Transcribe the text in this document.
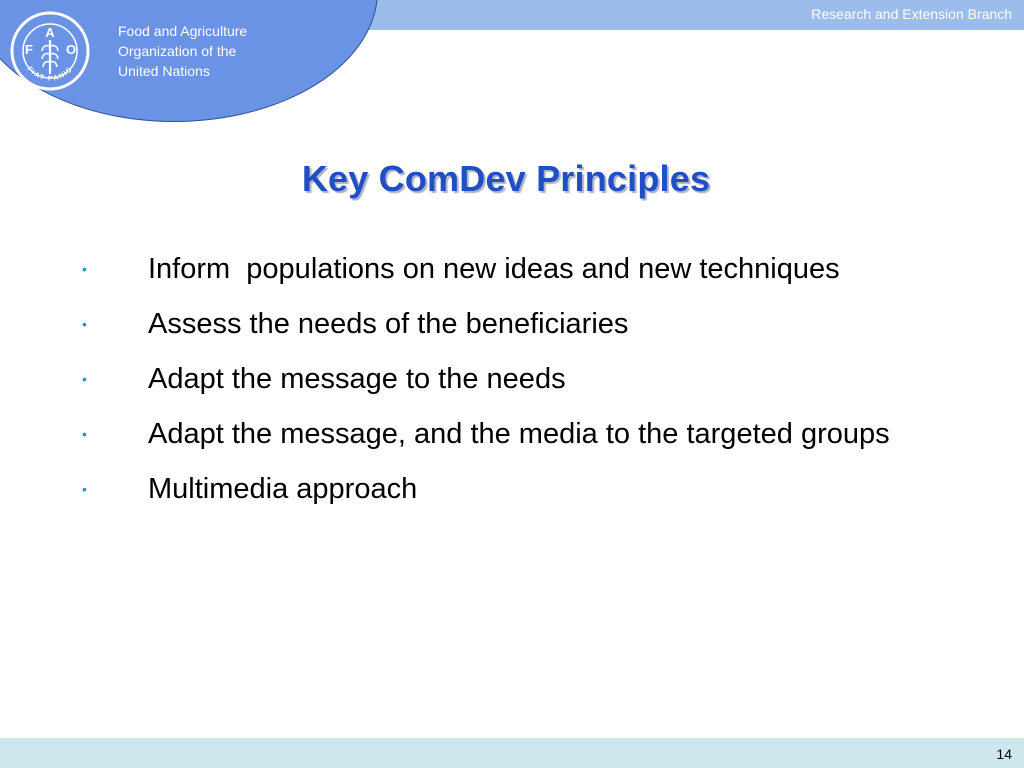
Research and Extension Branch
F
A
O
FIAT PANIS
Food and Agriculture
Organization of the
United Nations
Key ComDev Principles
• Inform  populations on new ideas and new techniques
• Assess the needs of the beneficiaries
• Adapt the message to the needs
• Adapt the message, and the media to the targeted groups
• Multimedia approach
14
